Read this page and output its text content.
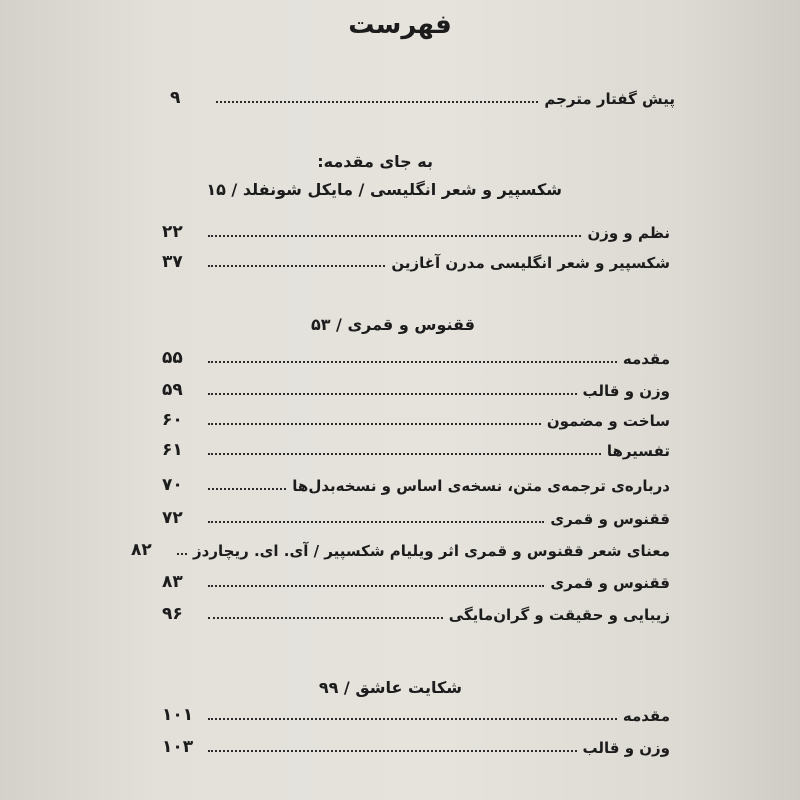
فهرست
پیش گفتار مترجم
۹
به جای مقدمه:
شکسپیر و شعر انگلیسی / مایکل شونفلد / ۱۵
نظم و وزن
۲۲
شکسپیر و شعر انگلیسی مدرن آغازین
۳۷
ققنوس و قمری / ۵۳
مقدمه
۵۵
وزن و قالب
۵۹
ساخت و مضمون
۶۰
تفسیرها
۶۱
درباره‌ی ترجمه‌ی متن، نسخه‌ی اساس و نسخه‌بدل‌ها
۷۰
ققنوس و قمری
۷۲
معنای شعر ققنوس و قمری اثر ویلیام شکسپیر / آی. ای. ریچاردز
۸۲
ققنوس و قمری
۸۳
زیبایی و حقیقت و گران‌مایگی
۹۶
شکایت عاشق / ۹۹
مقدمه
۱۰۱
وزن و قالب
۱۰۳
